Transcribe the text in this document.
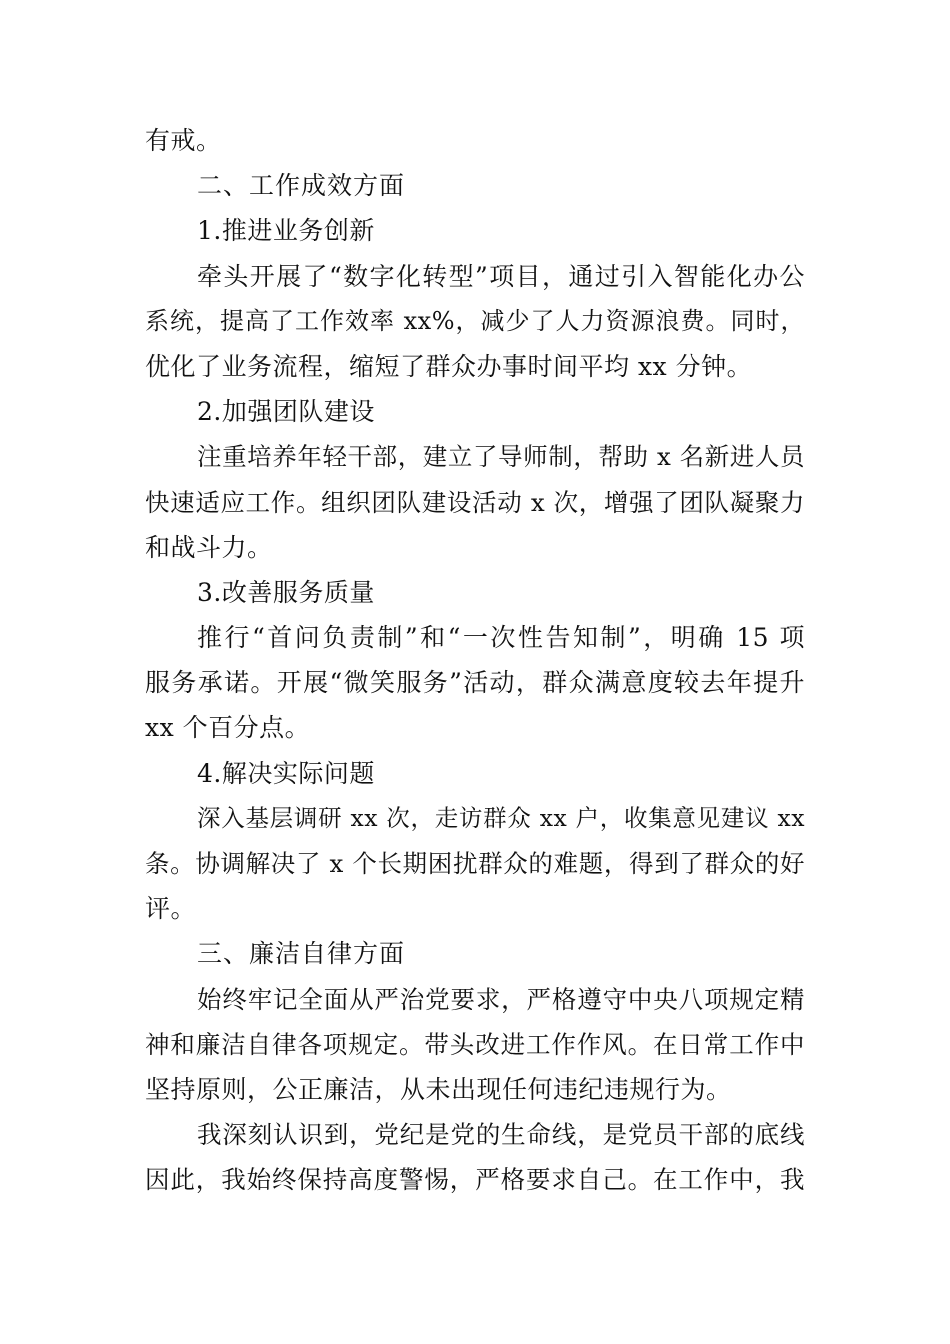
有戒。
二、工作成效方面
1.推进业务创新
牵头开展了“数字化转型”项目，通过引入智能化办公
系统，提高了工作效率 xx%，减少了人力资源浪费。同时，
优化了业务流程，缩短了群众办事时间平均 xx 分钟。
2.加强团队建设
注重培养年轻干部，建立了导师制，帮助 x 名新进人员
快速适应工作。组织团队建设活动 x 次，增强了团队凝聚力
和战斗力。
3.改善服务质量
推行“首问负责制”和“一次性告知制”，明确 15 项
服务承诺。开展“微笑服务”活动，群众满意度较去年提升
xx 个百分点。
4.解决实际问题
深入基层调研 xx 次，走访群众 xx 户，收集意见建议 xx
条。协调解决了 x 个长期困扰群众的难题，得到了群众的好
评。
三、廉洁自律方面
始终牢记全面从严治党要求，严格遵守中央八项规定精
神和廉洁自律各项规定。带头改进工作作风。在日常工作中
坚持原则，公正廉洁，从未出现任何违纪违规行为。
我深刻认识到，党纪是党的生命线，是党员干部的底线
因此，我始终保持高度警惕，严格要求自己。在工作中，我
